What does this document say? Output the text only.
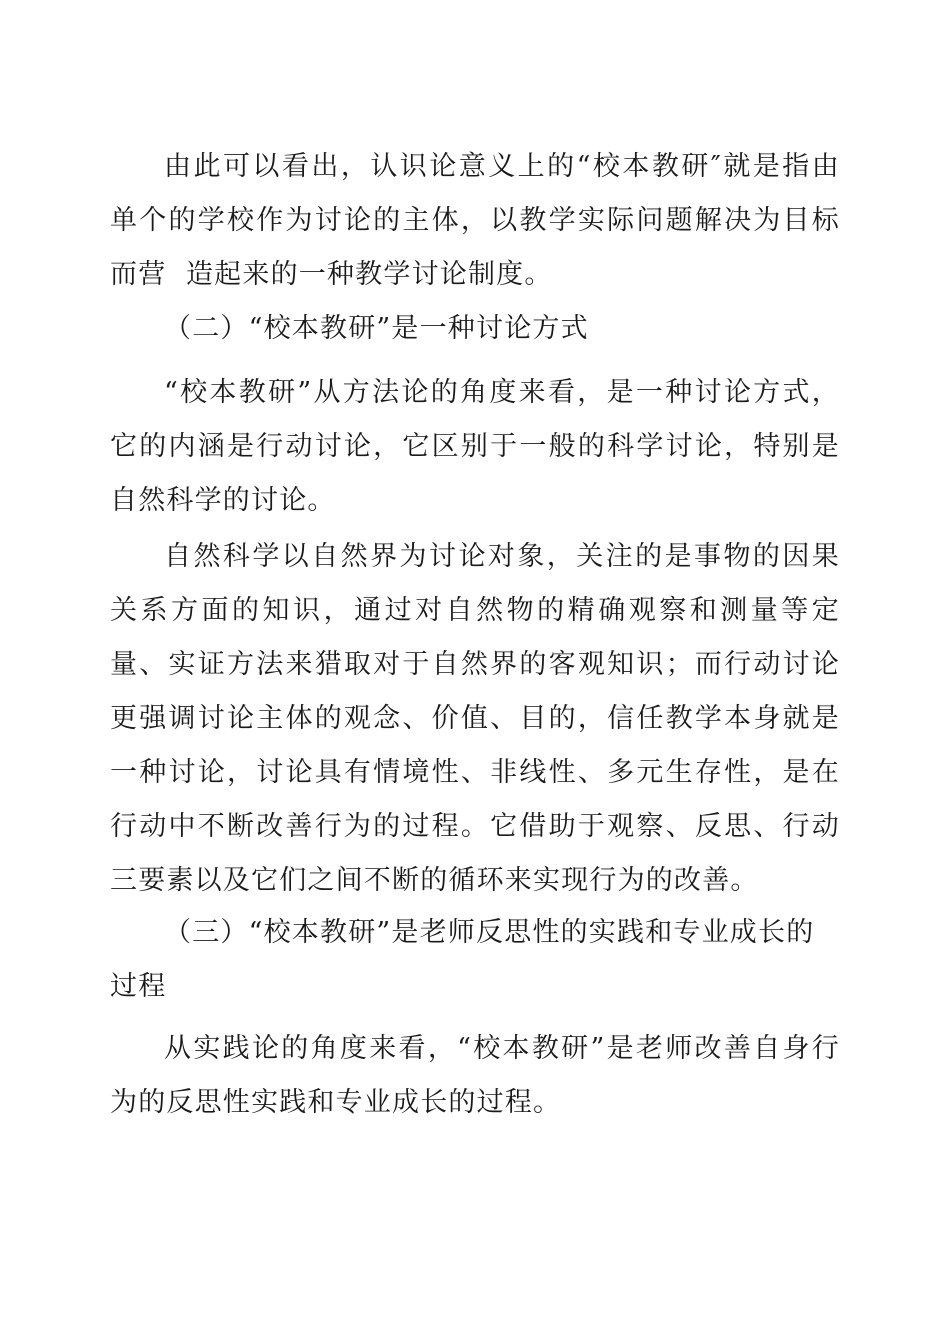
由此可以看出，认识论意义上的“校本教研″就是指由  单个的学校作为讨论的主体，以教学实际问题解决为目标而营  造起来的一种教学讨论制度。

（二）“校本教研”是一种讨论方式

“校本教研”从方法论的角度来看，是一种讨论方式，它的内涵是行动讨论，它区别于一般的科学讨论，特别是自然科学的讨论。

自然科学以自然界为讨论对象，关注的是事物的因果关系方面的知识，通过对自然物的精确观察和测量等定量、实证方法来猎取对于自然界的客观知识；而行动讨论更强调讨论主体的观念、价值、目的，信任教学本身就是一种讨论，讨论具有情境性、非线性、多元生存性，是在行动中不断改善行为的过程。它借助于观察、反思、行动三要素以及它们之间不断的循环来实现行为的改善。

（三）“校本教研”是老师反思性的实践和专业成长的过程

从实践论的角度来看，“校本教研”是老师改善自身行为的反思性实践和专业成长的过程。
